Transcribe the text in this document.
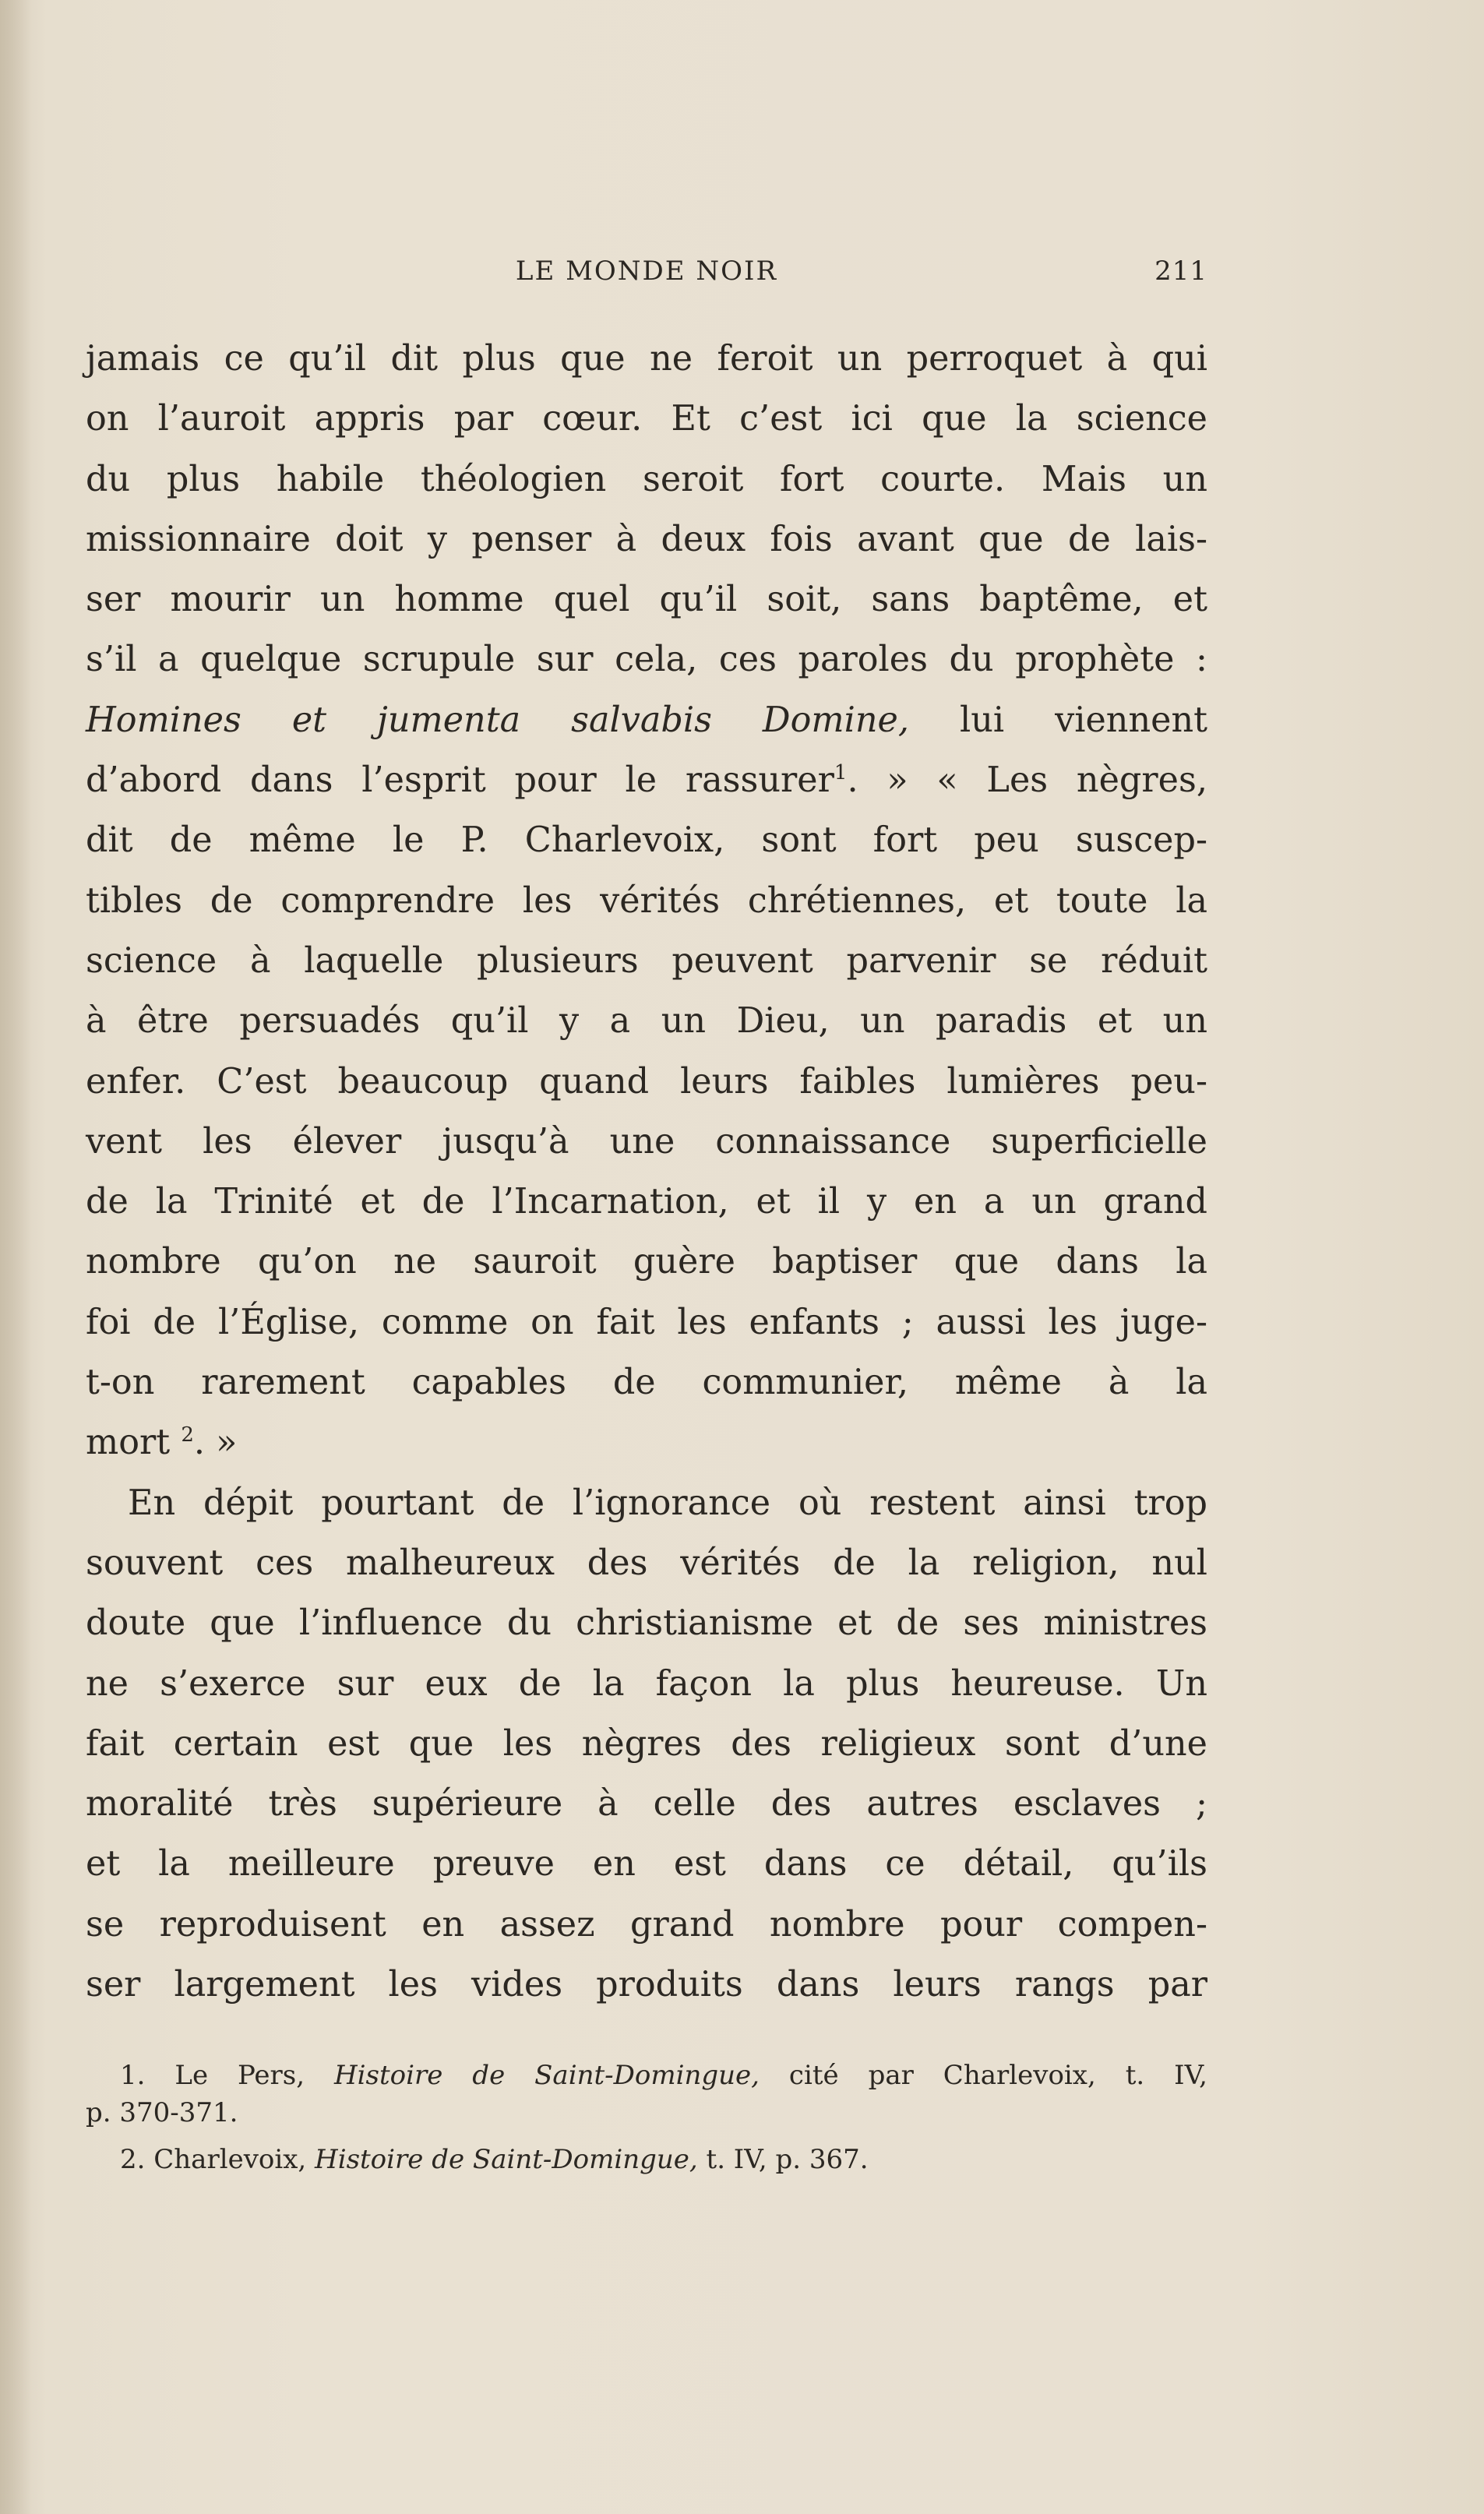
LE MONDE NOIR	211
jamais ce qu’il dit plus que ne feroit un perroquet à qui
on l’auroit appris par cœur. Et c’est ici que la science
du plus habile théologien seroit fort courte. Mais un
missionnaire doit y penser à deux fois avant que de lais-
ser mourir un homme quel qu’il soit, sans baptême, et
s’il a quelque scrupule sur cela, ces paroles du prophète :
Homines et jumenta salvabis Domine, lui viennent
d’abord dans l’esprit pour le rassurer$^1$. » « Les nègres,
dit de même le P. Charlevoix, sont fort peu suscep-
tibles de comprendre les vérités chrétiennes, et toute la
science à laquelle plusieurs peuvent parvenir se réduit
à être persuadés qu’il y a un Dieu, un paradis et un
enfer. C’est beaucoup quand leurs faibles lumières peu-
vent les élever jusqu’à une connaissance superficielle
de la Trinité et de l’Incarnation, et il y en a un grand
nombre qu’on ne sauroit guère baptiser que dans la
foi de l’Église, comme on fait les enfants ; aussi les juge-
t-on rarement capables de communier, même à la
mort $^2$. »
En dépit pourtant de l’ignorance où restent ainsi trop
souvent ces malheureux des vérités de la religion, nul
doute que l’influence du christianisme et de ses ministres
ne s’exerce sur eux de la façon la plus heureuse. Un
fait certain est que les nègres des religieux sont d’une
moralité très supérieure à celle des autres esclaves ;
et la meilleure preuve en est dans ce détail, qu’ils
se reproduisent en assez grand nombre pour compen-
ser largement les vides produits dans leurs rangs par
1. Le Pers, Histoire de Saint-Domingue, cité par Charlevoix, t. IV,
p. 370-371.
2. Charlevoix, Histoire de Saint-Domingue, t. IV, p. 367.
